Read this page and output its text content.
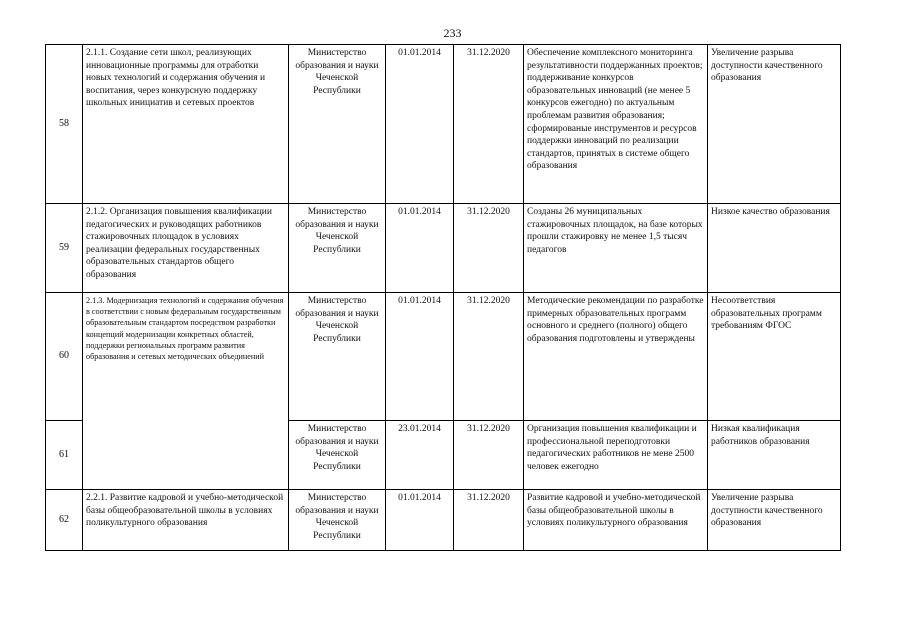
233
58	2.1.1. Создание сети школ, реализующих инновационные программы для отработки новых технологий и содержания обучения и воспитания, через конкурсную поддержку школьных инициатив и сетевых проектов	Министерство образования и науки Чеченской Республики	01.01.2014	31.12.2020	Обеспечение комплексного мониторинга результативности поддержанных проектов; поддерживание конкурсов образовательных инноваций (не менее 5 конкурсов ежегодно) по актуальным проблемам развития образования; сформированые инструментов и ресурсов поддержки инноваций по реализации стандартов, принятых в системе общего образования	Увеличение разрыва доступности качественного образования
59	2.1.2. Организация повышения квалификации педагогических и руководящих работников стажировочных площадок в условиях реализации федеральных государственных образовательных стандартов общего образования	Министерство образования и науки Чеченской Республики	01.01.2014	31.12.2020	Созданы 26 муниципальных стажировочных площадок, на базе которых прошли стажировку не менее 1,5 тысяч педагогов	Низкое качество образования
60	2.1.3. Модернизация технологий и содержания обучения в соответствии с новым федеральным государственным образовательным стандартом посредством разработки концепций модернизации конкретных областей, поддержки региональных программ развития образования и сетевых методических объединений	Министерство образования и науки Чеченской Республики	01.01.2014	31.12.2020	Методические рекомендации по разработке примерных образовательных программ основного и среднего (полного) общего образования подготовлены и утверждены	Несоответствия образовательных программ требованиям ФГОС
61		Министерство образования и науки Чеченской Республики	23.01.2014	31.12.2020	Организация повышения квалификации и профессиональной переподготовки педагогических работников не мене 2500 человек ежегодно	Низкая квалификация работников образования
62	2.2.1. Развитие кадровой и учебно-методической базы общеобразовательной школы в условиях поликультурного образования	Министерство образования и науки Чеченской Республики	01.01.2014	31.12.2020	Развитие кадровой и учебно-методической базы общеобразовательной школы в условиях поликультурного образования	Увеличение разрыва доступности качественного образования
